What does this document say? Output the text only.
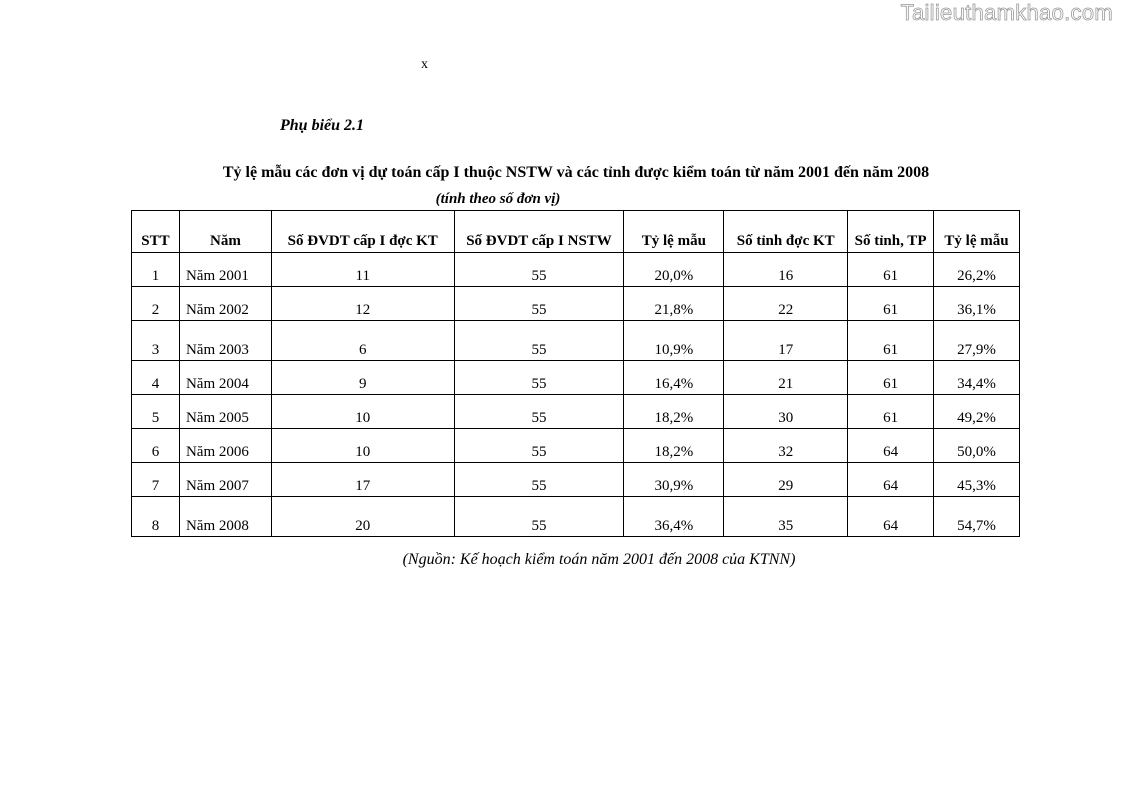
Tailieuthamkhao.com
x
Phụ biểu 2.1
Tỷ lệ mẫu các đơn vị dự toán cấp I thuộc NSTW và các tỉnh được kiểm toán từ năm 2001 đến năm 2008
(tính theo số đơn vị)
STT	Năm	Số ĐVDT cấp I đợc KT	Số ĐVDT cấp I NSTW	Tỷ lệ mẫu	Số tỉnh đợc KT	Số tỉnh, TP	Tỷ lệ mẫu
1	Năm 2001	11	55	20,0%	16	61	26,2%
2	Năm 2002	12	55	21,8%	22	61	36,1%
3	Năm 2003	6	55	10,9%	17	61	27,9%
4	Năm 2004	9	55	16,4%	21	61	34,4%
5	Năm 2005	10	55	18,2%	30	61	49,2%
6	Năm 2006	10	55	18,2%	32	64	50,0%
7	Năm 2007	17	55	30,9%	29	64	45,3%
8	Năm 2008	20	55	36,4%	35	64	54,7%
(Nguồn: Kế hoạch kiểm toán năm 2001 đến 2008 của KTNN)
